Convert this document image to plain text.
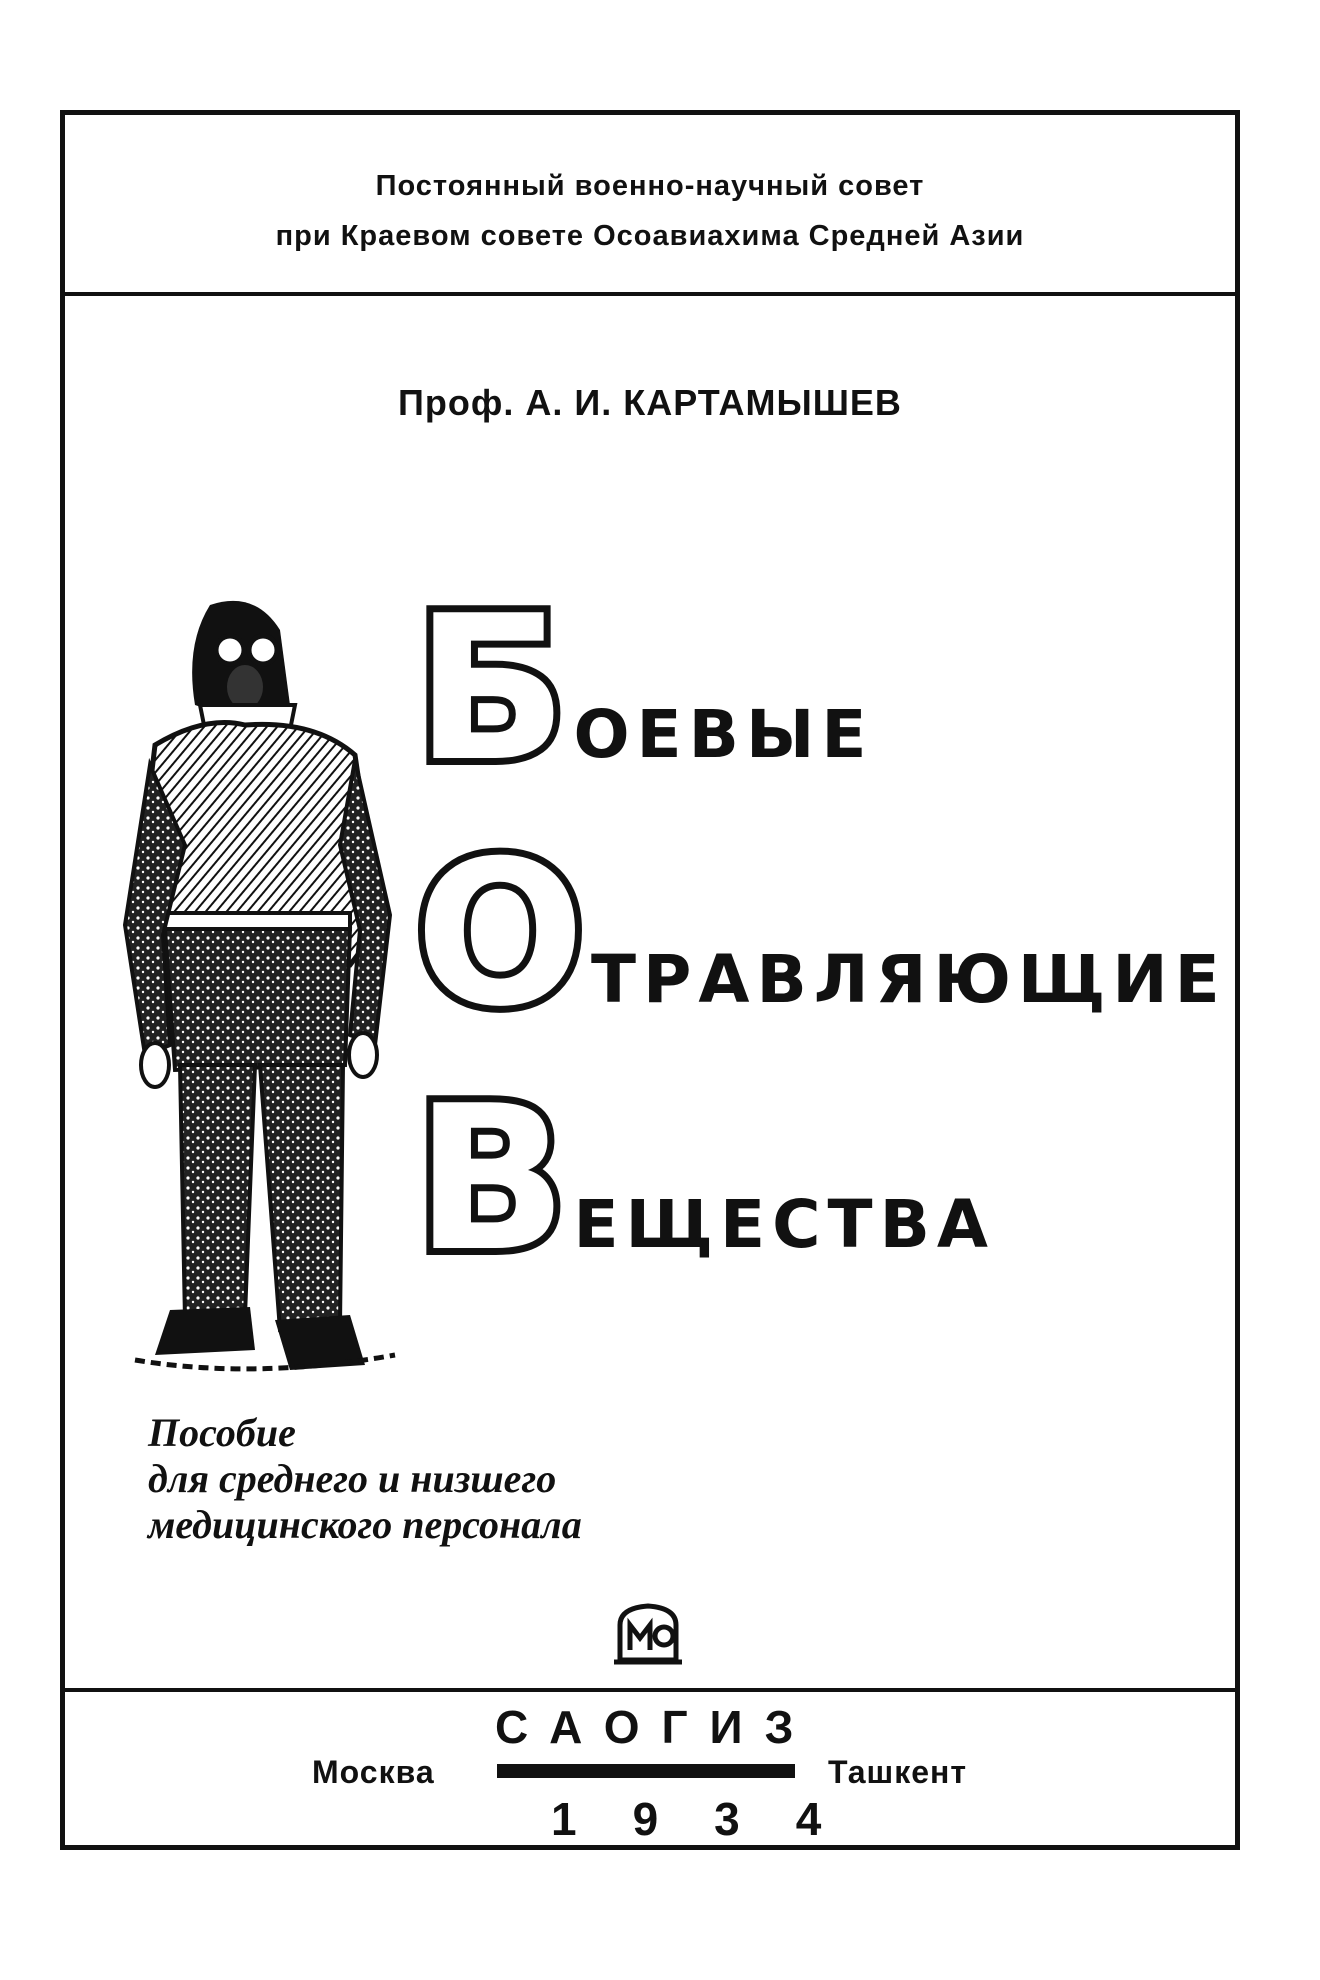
Постоянный военно-научный совет
при Краевом совете Осоавиахима Средней Азии
Проф. А. И. КАРТАМЫШЕВ
Б ОЕВЫЕ
О ТРАВЛЯЮЩИЕ
В ЕЩЕСТВА
Пособие
для среднего и низшего
медицинского персонала
САОГИЗ
Москва	Ташкент
1934
